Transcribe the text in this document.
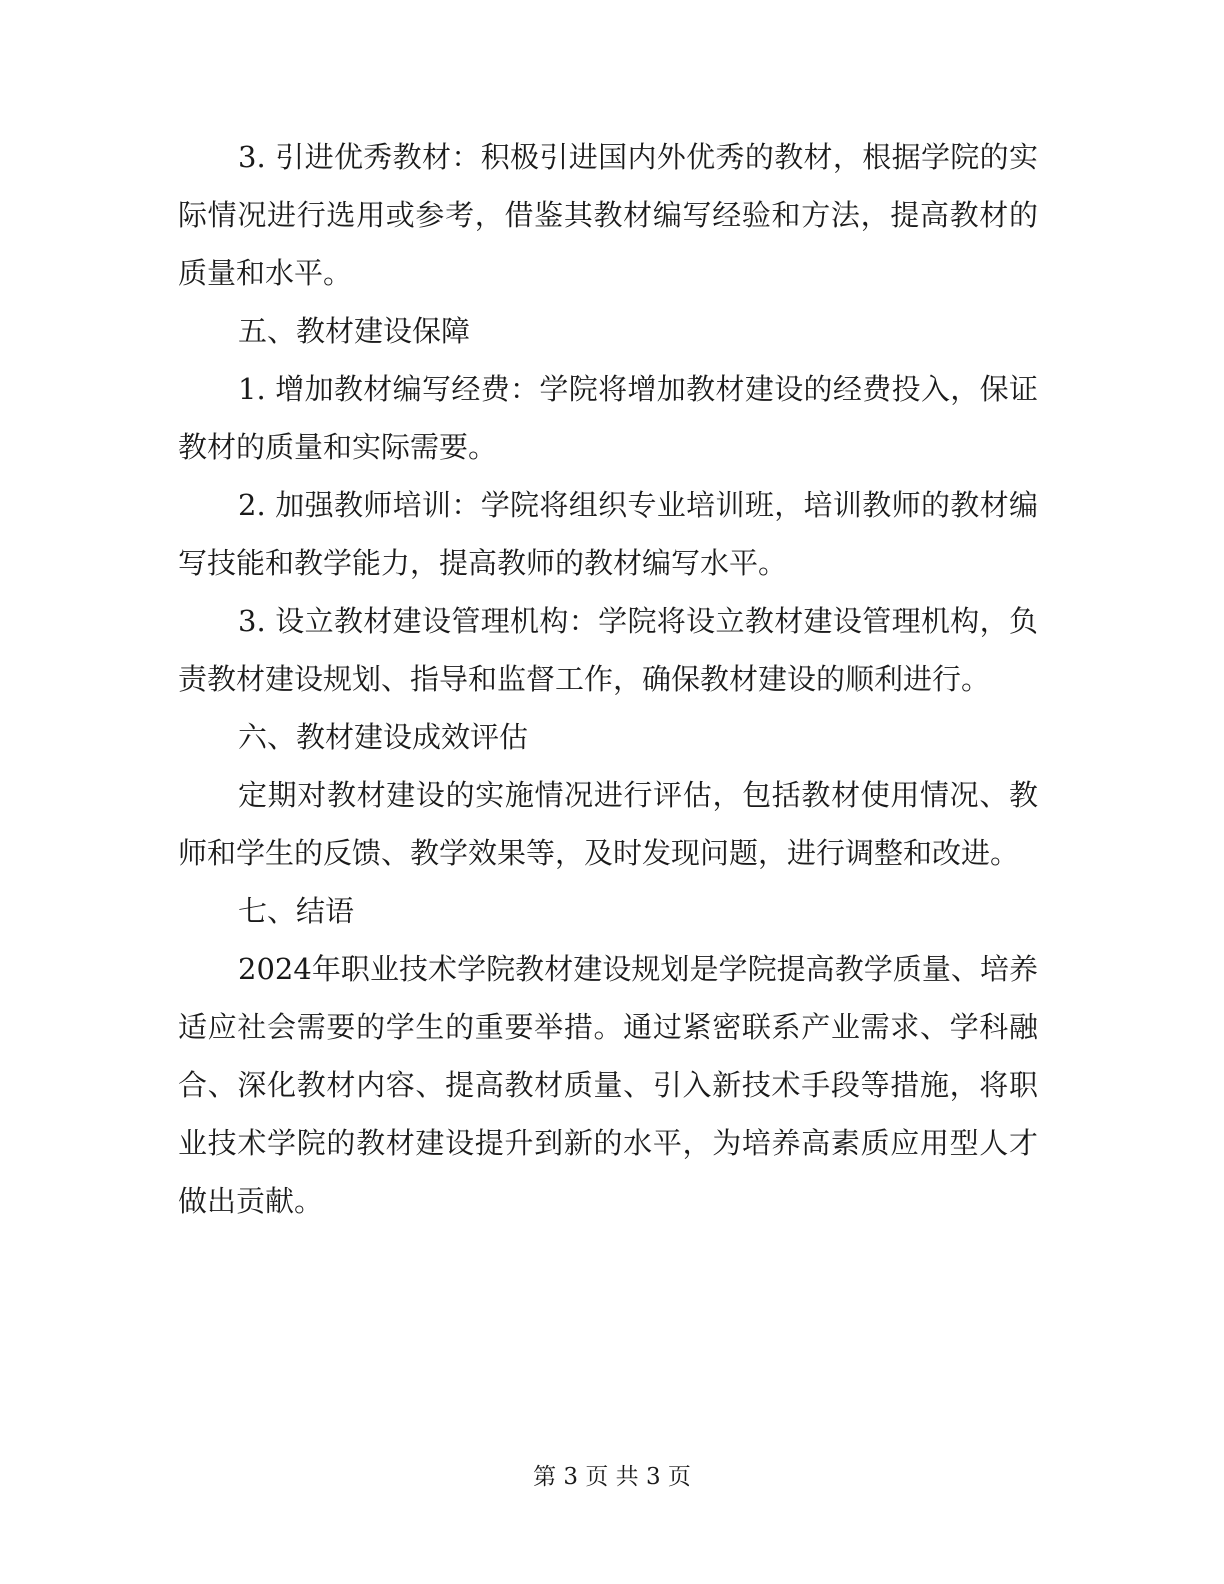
3. 引进优秀教材：积极引进国内外优秀的教材，根据学院的实际情况进行选用或参考，借鉴其教材编写经验和方法，提高教材的质量和水平。

五、教材建设保障

1. 增加教材编写经费：学院将增加教材建设的经费投入，保证教材的质量和实际需要。

2. 加强教师培训：学院将组织专业培训班，培训教师的教材编写技能和教学能力，提高教师的教材编写水平。

3. 设立教材建设管理机构：学院将设立教材建设管理机构，负责教材建设规划、指导和监督工作，确保教材建设的顺利进行。

六、教材建设成效评估

定期对教材建设的实施情况进行评估，包括教材使用情况、教师和学生的反馈、教学效果等，及时发现问题，进行调整和改进。

七、结语

2024年职业技术学院教材建设规划是学院提高教学质量、培养适应社会需要的学生的重要举措。通过紧密联系产业需求、学科融合、深化教材内容、提高教材质量、引入新技术手段等措施，将职业技术学院的教材建设提升到新的水平，为培养高素质应用型人才做出贡献。

第 3 页 共 3 页
